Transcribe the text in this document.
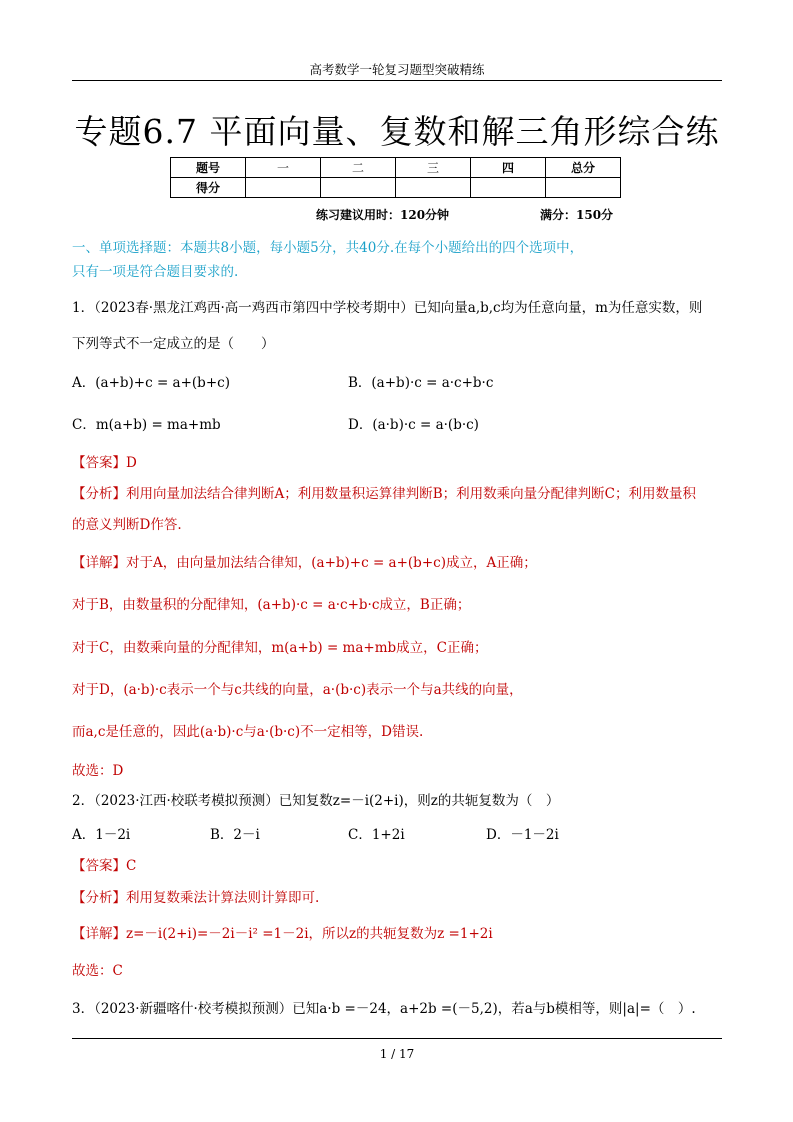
高考数学一轮复习题型突破精练
专题6.7 平面向量、复数和解三角形综合练
题号	一	二	三	四	总分
得分					
练习建议用时：120分钟	满分：150分
一、单项选择题：本题共8小题，每小题5分，共40分.在每个小题给出的四个选项中，
只有一项是符合题目要求的.
1．（2023春·黑龙江鸡西·高一鸡西市第四中学校考期中）已知向量a,b,c均为任意向量，m为任意实数，则
下列等式不一定成立的是（　　）
A．(a+b)+c = a+(b+c)	B．(a+b)·c = a·c+b·c
C．m(a+b) = ma+mb	D．(a·b)·c = a·(b·c)
【答案】D
【分析】利用向量加法结合律判断A；利用数量积运算律判断B；利用数乘向量分配律判断C；利用数量积
的意义判断D作答.
【详解】对于A，由向量加法结合律知，(a+b)+c = a+(b+c)成立，A正确；
对于B，由数量积的分配律知，(a+b)·c = a·c+b·c成立，B正确；
对于C，由数乘向量的分配律知，m(a+b) = ma+mb成立，C正确；
对于D，(a·b)·c表示一个与c共线的向量，a·(b·c)表示一个与a共线的向量，
而a,c是任意的，因此(a·b)·c与a·(b·c)不一定相等，D错误.
故选：D
2．（2023·江西·校联考模拟预测）已知复数z=－i(2+i)，则z的共轭复数为（　）
A．1－2i	B．2－i	C．1+2i	D．－1－2i
【答案】C
【分析】利用复数乘法计算法则计算即可.
【详解】z=－i(2+i)=－2i－i² =1－2i，所以z的共轭复数为z =1+2i
故选：C
3．（2023·新疆喀什·校考模拟预测）已知a·b =－24，a+2b =(－5,2)，若a与b模相等，则|a|=（　）.
1 / 17
